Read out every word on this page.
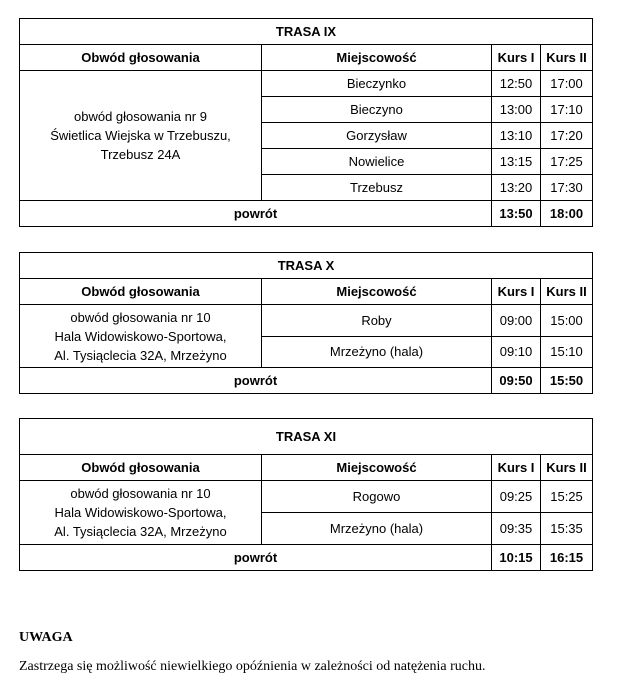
TRASA IX			
Obwód głosowania	Miejscowość	Kurs I	Kurs II

obwód głosowania nr 9
Świetlica Wiejska w Trzebuszu,
Trzebusz 24A	Bieczynko	12:50	17:00
	Bieczyno	13:00	17:10
	Gorzysław	13:10	17:20
	Nowielice	13:15	17:25
	Trzebusz	13:20	17:30
powrót		13:50	18:00
TRASA X			
Obwód głosowania	Miejscowość	Kurs I	Kurs II

obwód głosowania nr 10
Hala Widowiskowo-Sportowa,
Al. Tysiąclecia 32A, Mrzeżyno	Roby	09:00	15:00
	Mrzeżyno (hala)	09:10	15:10
powrót		09:50	15:50
TRASA XI			
Obwód głosowania	Miejscowość	Kurs I	Kurs II

obwód głosowania nr 10
Hala Widowiskowo-Sportowa,
Al. Tysiąclecia 32A, Mrzeżyno	Rogowo	09:25	15:25
	Mrzeżyno (hala)	09:35	15:35
powrót		10:15	16:15
UWAGA
Zastrzega się możliwość niewielkiego opóźnienia w zależności od natężenia ruchu.
